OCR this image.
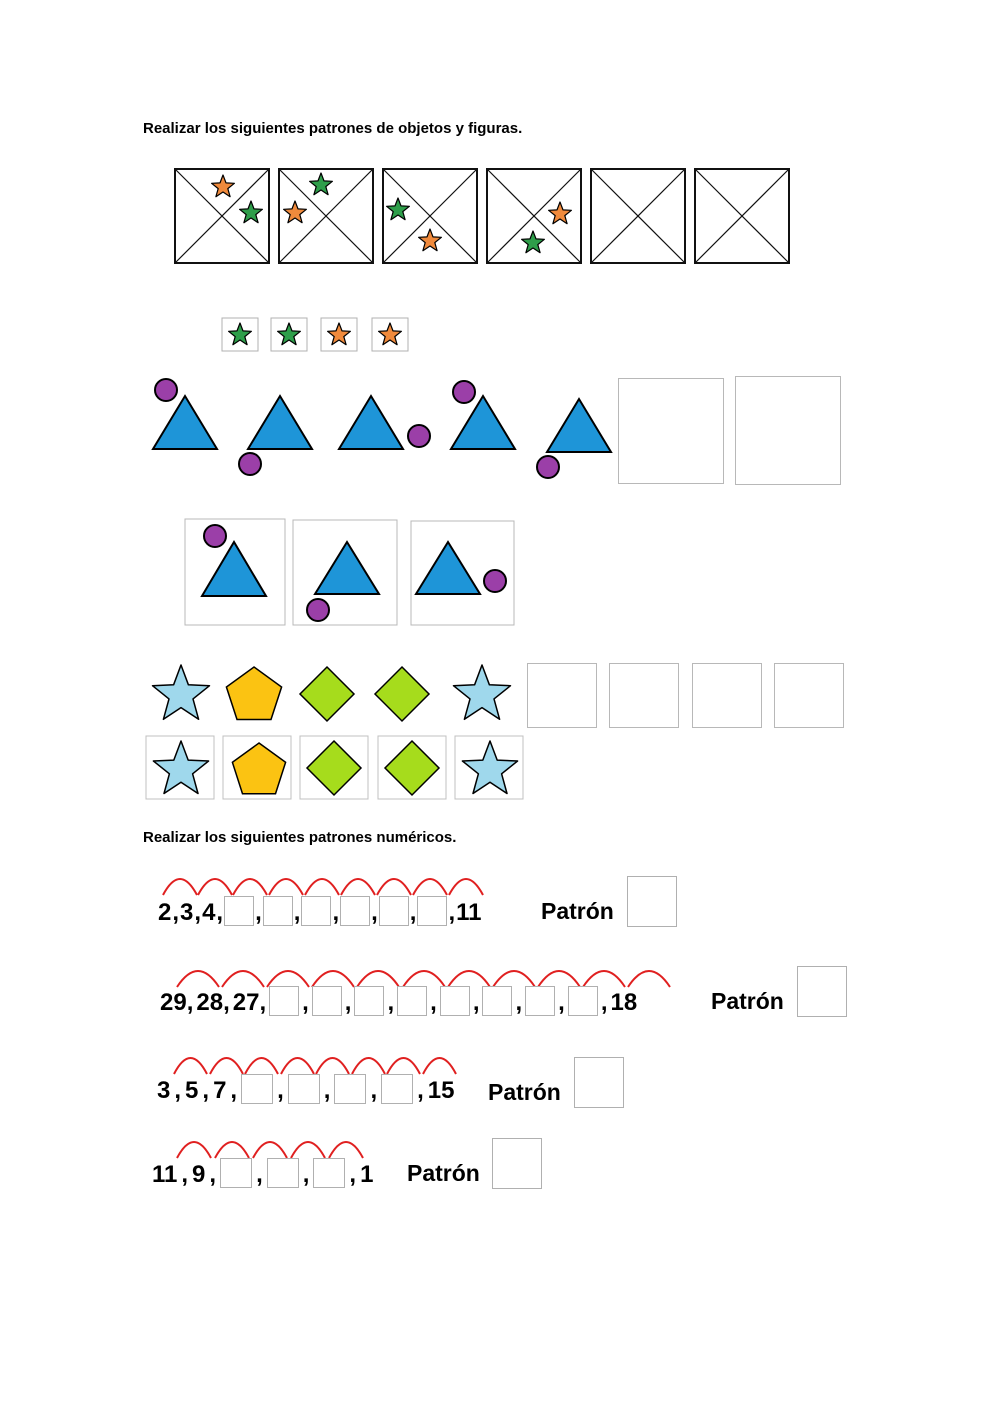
Realizar los siguientes patrones de objetos y figuras.
Realizar los siguientes patrones numéricos.
2 , 3 , 4 , , , , , , , 11	Patrón
29, 28, 27, , , , , , , , , 18	Patrón
3 , 5 , 7 , , , , , 15 Patrón
11 , 9 , , , , 1 Patrón
